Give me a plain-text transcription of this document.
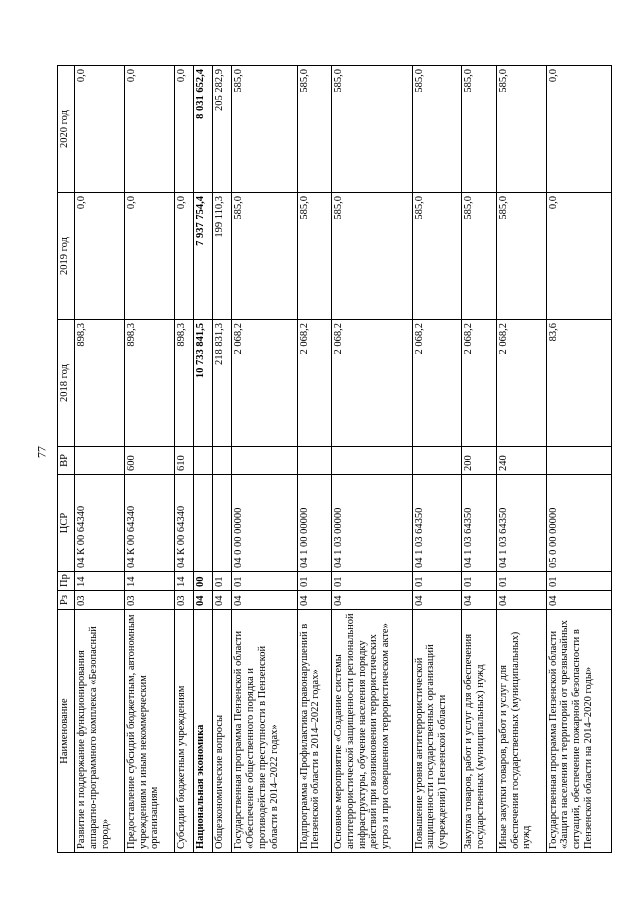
77
Наименование	Рз	Пр	ЦСР	ВР	2018 год	2019 год	2020 год
Развитие и поддержание функционирования аппаратно-программного комплекса «Безопасный город»	03	14	04 К 00 64340		898,3	0,0	0,0
Предоставление субсидий бюджетным, автономным учреждениям и иным некоммерческим организациям	03	14	04 К 00 64340	600	898,3	0,0	0,0
Субсидии бюджетным учреждениям	03	14	04 К 00 64340	610	898,3	0,0	0,0
Национальная экономика	04	00			10 733 841,5	7 937 754,4	8 031 652,4
Общеэкономические вопросы	04	01			218 831,3	199 110,3	205 282,9
Государственная программа Пензенской области «Обеспечение общественного порядка и противодействие преступности в Пензенской области в 2014–2022 годах»	04	01	04 0 00 00000		2 068,2	585,0	585,0
Подпрограмма «Профилактика правонарушений в Пензенской области в 2014–2022 годах»	04	01	04 1 00 00000		2 068,2	585,0	585,0
Основное мероприятие «Создание системы антитеррористической защищенности региональной инфраструктуры, обучение населения порядку действий при возникновении террористических угроз и при совершенном террористическом акте»	04	01	04 1 03 00000		2 068,2	585,0	585,0
Повышение уровня антитеррористической защищенности государственных организаций (учреждений) Пензенской области	04	01	04 1 03 64350		2 068,2	585,0	585,0
Закупка товаров, работ и услуг для обеспечения государственных (муниципальных) нужд	04	01	04 1 03 64350	200	2 068,2	585,0	585,0
Иные закупки товаров, работ и услуг для обеспечения государственных (муниципальных) нужд	04	01	04 1 03 64350	240	2 068,2	585,0	585,0
Государственная программа Пензенской области «Защита населения и территорий от чрезвычайных ситуаций, обеспечение пожарной безопасности в Пензенской области на 2014–2020 годы»	04	01	05 0 00 00000		83,6	0,0	0,0
